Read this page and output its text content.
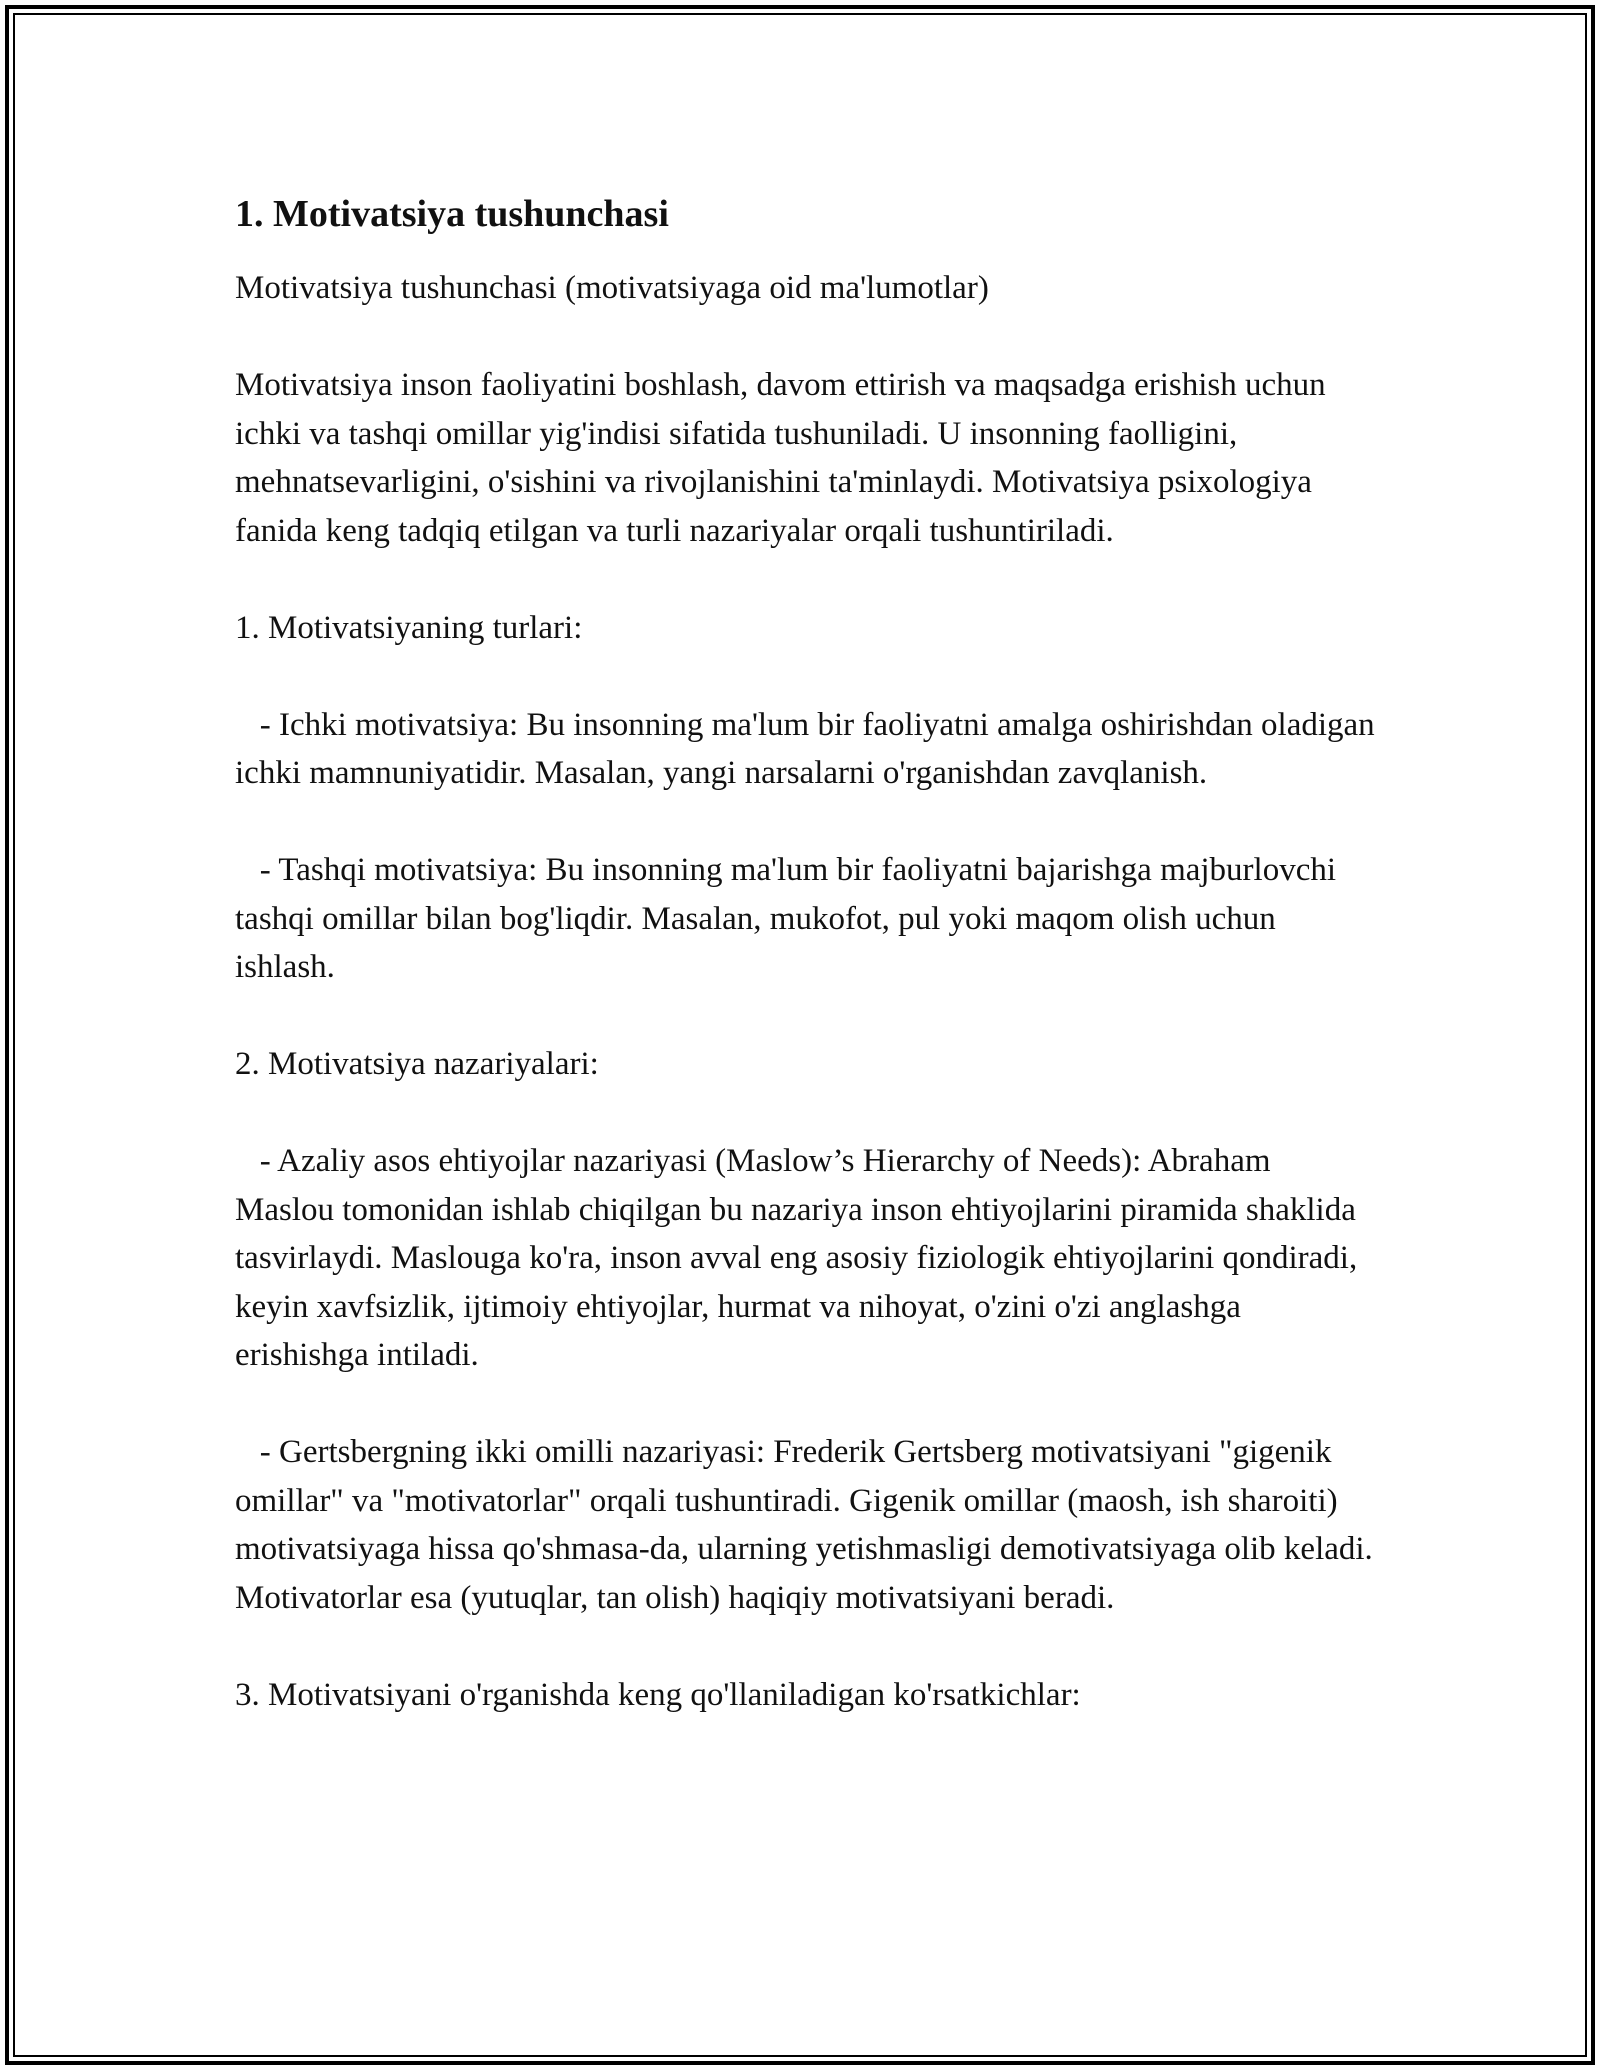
1. Motivatsiya tushunchasi

Motivatsiya tushunchasi (motivatsiyaga oid ma'lumotlar)

Motivatsiya inson faoliyatini boshlash, davom ettirish va maqsadga erishish uchun ichki va tashqi omillar yig'indisi sifatida tushuniladi. U insonning faolligini, mehnatsevarligini, o'sishini va rivojlanishini ta'minlaydi. Motivatsiya psixologiya fanida keng tadqiq etilgan va turli nazariyalar orqali tushuntiriladi.

1. Motivatsiyaning turlari:

- Ichki motivatsiya: Bu insonning ma'lum bir faoliyatni amalga oshirishdan oladigan ichki mamnuniyatidir. Masalan, yangi narsalarni o'rganishdan zavqlanish.

- Tashqi motivatsiya: Bu insonning ma'lum bir faoliyatni bajarishga majburlovchi tashqi omillar bilan bog'liqdir. Masalan, mukofot, pul yoki maqom olish uchun ishlash.

2. Motivatsiya nazariyalari:

- Azaliy asos ehtiyojlar nazariyasi (Maslow’s Hierarchy of Needs): Abraham Maslou tomonidan ishlab chiqilgan bu nazariya inson ehtiyojlarini piramida shaklida tasvirlaydi. Maslouga ko'ra, inson avval eng asosiy fiziologik ehtiyojlarini qondiradi, keyin xavfsizlik, ijtimoiy ehtiyojlar, hurmat va nihoyat, o'zini o'zi anglashga erishishga intiladi.

- Gertsbergning ikki omilli nazariyasi: Frederik Gertsberg motivatsiyani "gigenik omillar" va "motivatorlar" orqali tushuntiradi. Gigenik omillar (maosh, ish sharoiti) motivatsiyaga hissa qo'shmasa-da, ularning yetishmasligi demotivatsiyaga olib keladi. Motivatorlar esa (yutuqlar, tan olish) haqiqiy motivatsiyani beradi.

3. Motivatsiyani o'rganishda keng qo'llaniladigan ko'rsatkichlar:
